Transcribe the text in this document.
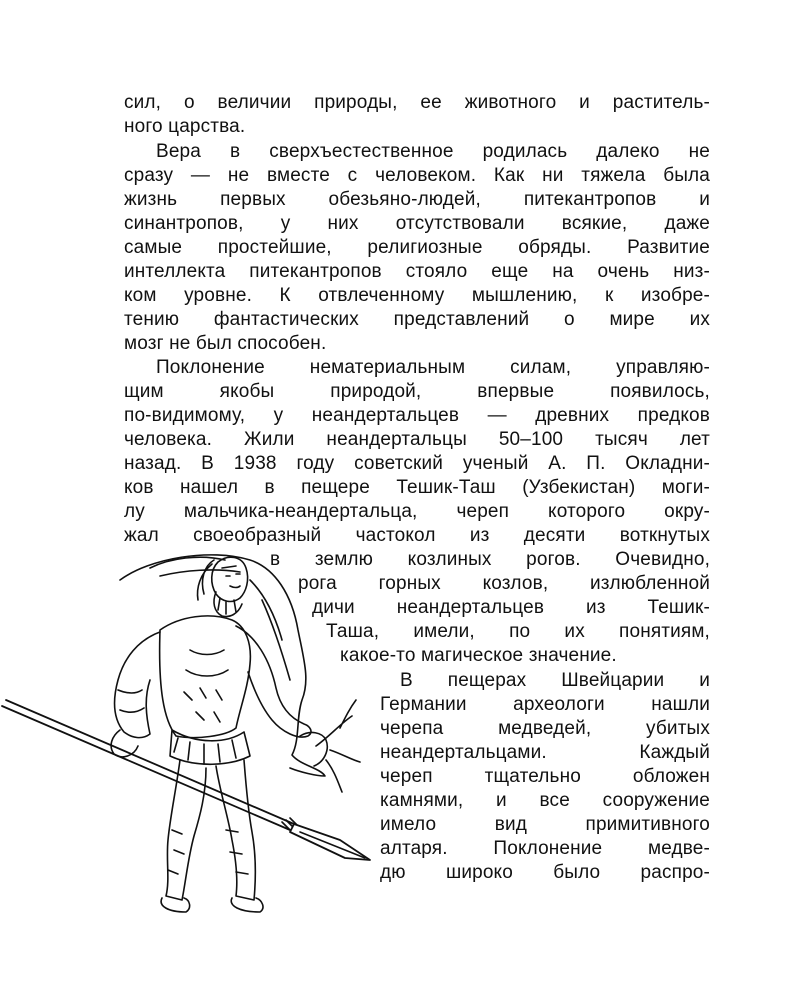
сил, о величии природы, ее животного и раститель-
ного царства.
Вера в сверхъестественное родилась далеко не
сразу — не вместе с человеком. Как ни тяжела была
жизнь первых обезьяно-людей, питекантропов и
синантропов, у них отсутствовали всякие, даже
самые простейшие, религиозные обряды. Развитие
интеллекта питекантропов стояло еще на очень низ-
ком уровне. К отвлеченному мышлению, к изобре-
тению фантастических представлений о мире их
мозг не был способен.
Поклонение нематериальным силам, управляю-
щим якобы природой, впервые появилось,
по-видимому, у неандертальцев — древних предков
человека. Жили неандертальцы 50–100 тысяч лет
назад. В 1938 году советский ученый А. П. Окладни-
ков нашел в пещере Тешик-Таш (Узбекистан) моги-
лу мальчика-неандертальца, череп которого окру-
жал своеобразный частокол из десяти воткнутых
в землю козлиных рогов. Очевидно,
рога горных козлов, излюбленной
дичи неандертальцев из Тешик-
Таша, имели, по их понятиям,
какое-то магическое значение.
В пещерах Швейцарии и
Германии археологи нашли
черепа медведей, убитых
неандертальцами. Каждый
череп тщательно обложен
камнями, и все сооружение
имело вид примитивного
алтаря. Поклонение медве-
дю широко было распро-
